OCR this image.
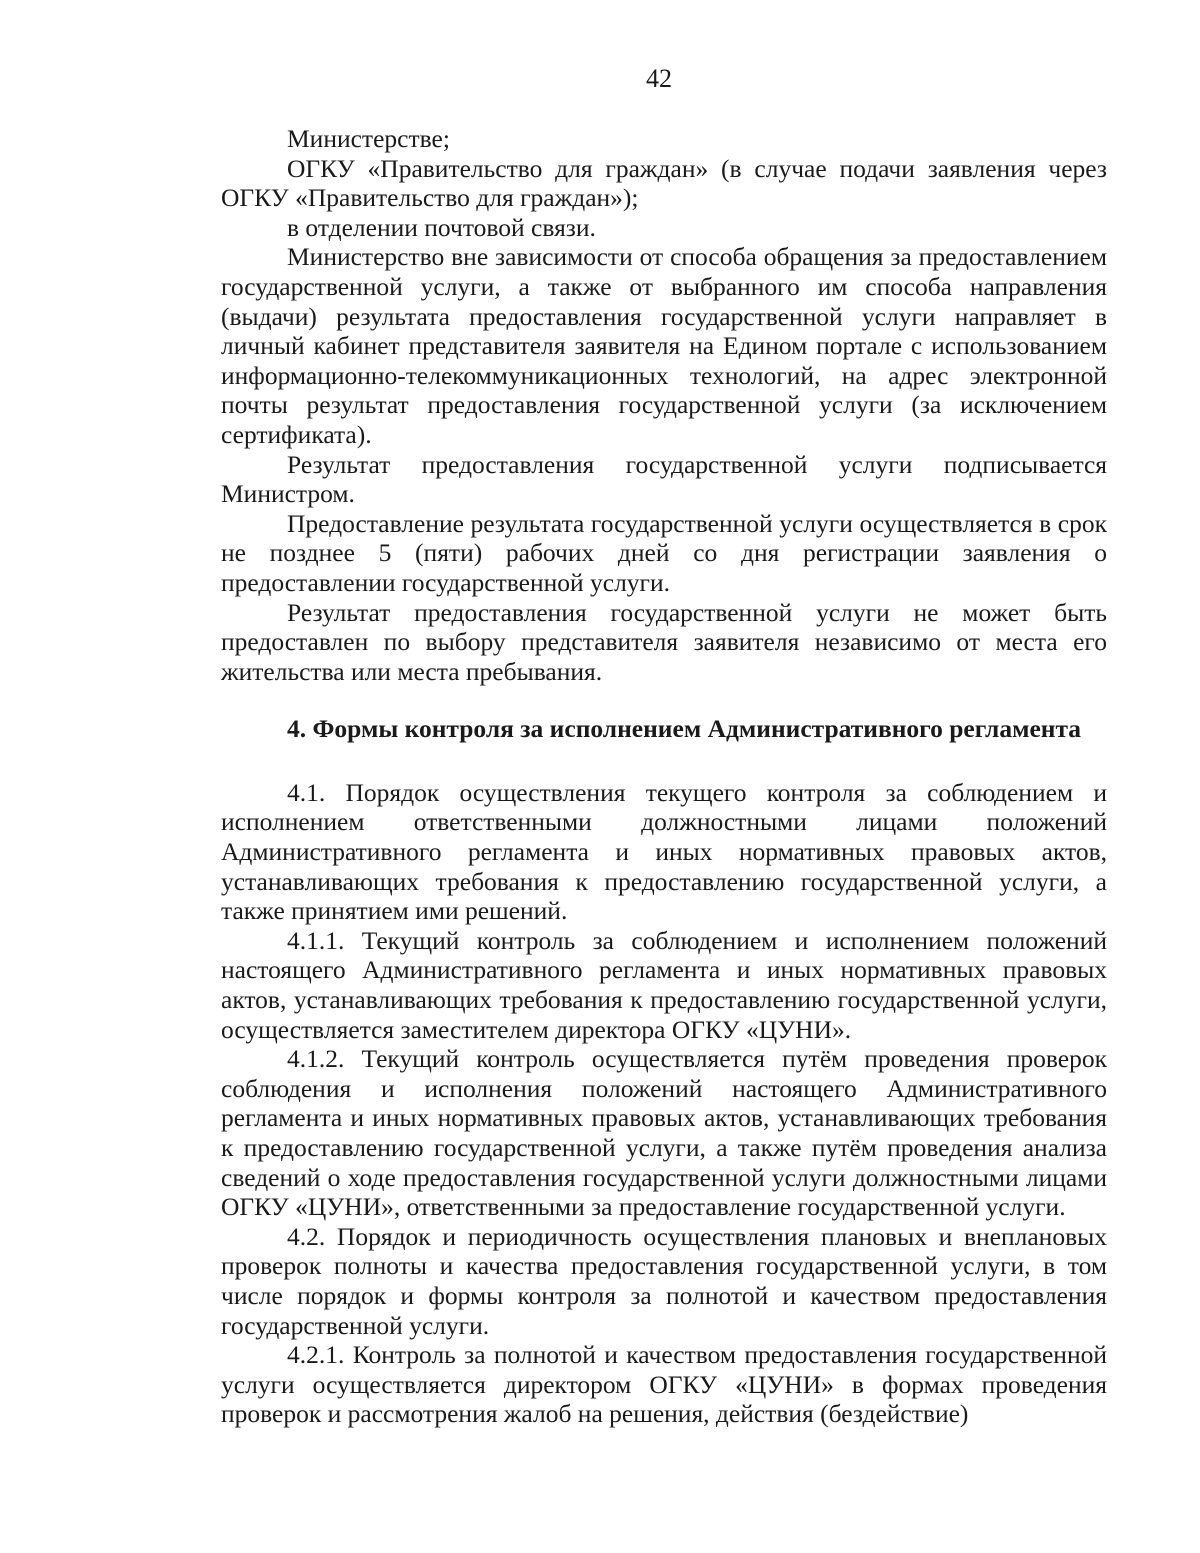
42

Министерстве;

ОГКУ «Правительство для граждан» (в случае подачи заявления через ОГКУ «Правительство для граждан»);

в отделении почтовой связи.

Министерство вне зависимости от способа обращения за предоставлением государственной услуги, а также от выбранного им способа направления (выдачи) результата предоставления государственной услуги направляет в личный кабинет представителя заявителя на Едином портале с использованием информационно-телекоммуникационных технологий, на адрес электронной почты результат предоставления государственной услуги (за исключением сертификата).

Результат предоставления государственной услуги подписывается Министром.

Предоставление результата государственной услуги осуществляется в срок не позднее 5 (пяти) рабочих дней со дня регистрации заявления о предоставлении государственной услуги.

Результат предоставления государственной услуги не может быть предоставлен по выбору представителя заявителя независимо от места его жительства или места пребывания.

4. Формы контроля за исполнением Административного регламента

4.1. Порядок осуществления текущего контроля за соблюдением и исполнением ответственными должностными лицами положений Административного регламента и иных нормативных правовых актов, устанавливающих требования к предоставлению государственной услуги, а также принятием ими решений.

4.1.1. Текущий контроль за соблюдением и исполнением положений настоящего Административного регламента и иных нормативных правовых актов, устанавливающих требования к предоставлению государственной услуги, осуществляется заместителем директора ОГКУ «ЦУНИ».

4.1.2. Текущий контроль осуществляется путём проведения проверок соблюдения и исполнения положений настоящего Административного регламента и иных нормативных правовых актов, устанавливающих требования к предоставлению государственной услуги, а также путём проведения анализа сведений о ходе предоставления государственной услуги должностными лицами ОГКУ «ЦУНИ», ответственными за предоставление государственной услуги.

4.2. Порядок и периодичность осуществления плановых и внеплановых проверок полноты и качества предоставления государственной услуги, в том числе порядок и формы контроля за полнотой и качеством предоставления государственной услуги.

4.2.1. Контроль за полнотой и качеством предоставления государственной услуги осуществляется директором ОГКУ «ЦУНИ» в формах проведения проверок и рассмотрения жалоб на решения, действия (бездействие)
